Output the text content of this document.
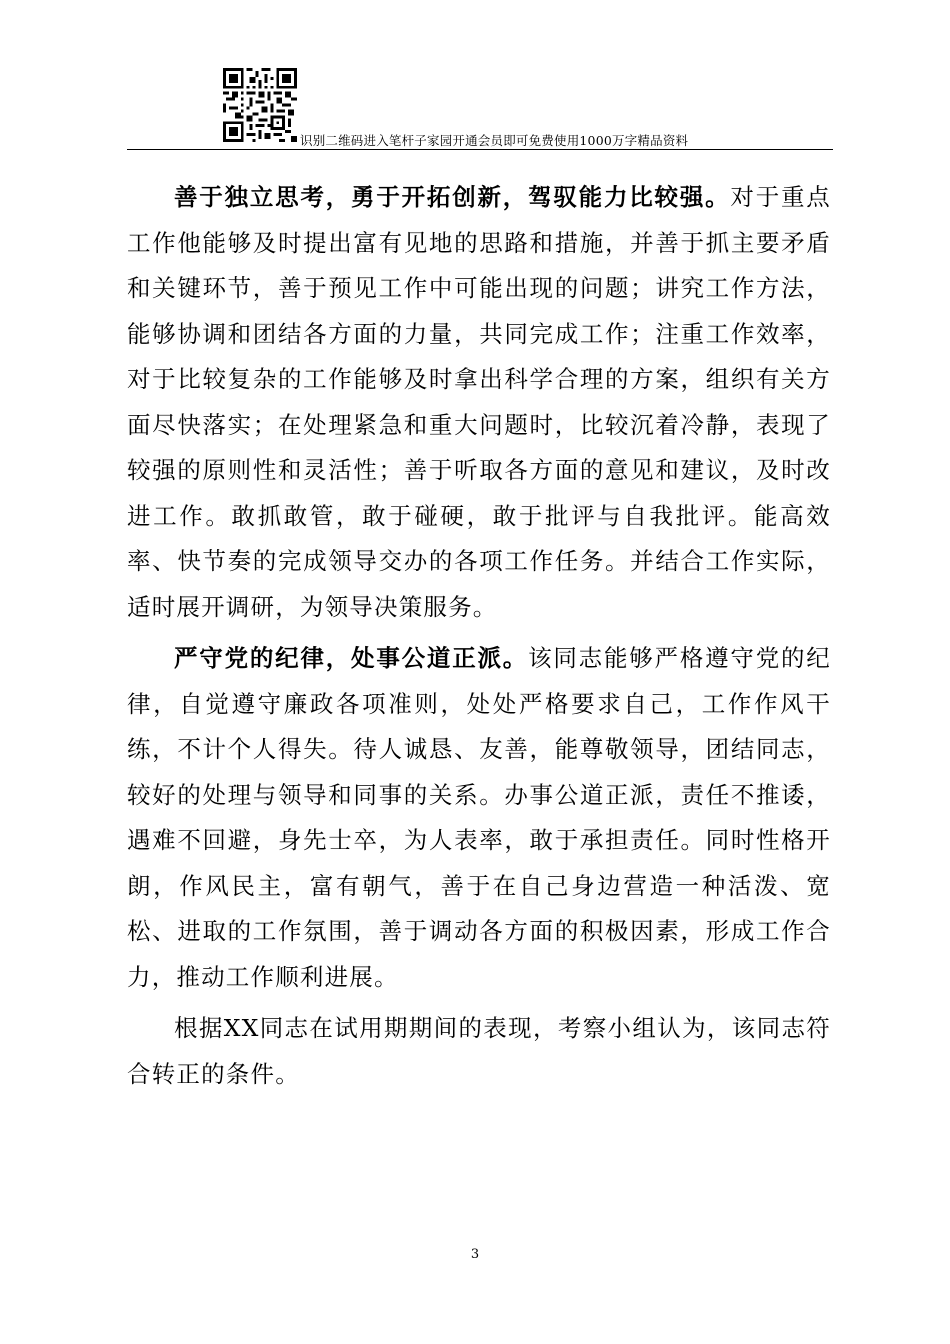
识别二维码进入笔杆子家园开通会员即可免费使用1000万字精品资料

善于独立思考，勇于开拓创新，驾驭能力比较强。对于重点工作他能够及时提出富有见地的思路和措施，并善于抓主要矛盾和关键环节，善于预见工作中可能出现的问题；讲究工作方法，能够协调和团结各方面的力量，共同完成工作；注重工作效率，对于比较复杂的工作能够及时拿出科学合理的方案，组织有关方面尽快落实；在处理紧急和重大问题时，比较沉着冷静，表现了较强的原则性和灵活性；善于听取各方面的意见和建议，及时改进工作。敢抓敢管，敢于碰硬，敢于批评与自我批评。能高效率、快节奏的完成领导交办的各项工作任务。并结合工作实际，适时展开调研，为领导决策服务。

严守党的纪律，处事公道正派。该同志能够严格遵守党的纪律，自觉遵守廉政各项准则，处处严格要求自己，工作作风干练，不计个人得失。待人诚恳、友善，能尊敬领导，团结同志，较好的处理与领导和同事的关系。办事公道正派，责任不推诿，遇难不回避，身先士卒，为人表率，敢于承担责任。同时性格开朗，作风民主，富有朝气，善于在自己身边营造一种活泼、宽松、进取的工作氛围，善于调动各方面的积极因素，形成工作合力，推动工作顺利进展。

根据XX同志在试用期期间的表现，考察小组认为，该同志符合转正的条件。

3
